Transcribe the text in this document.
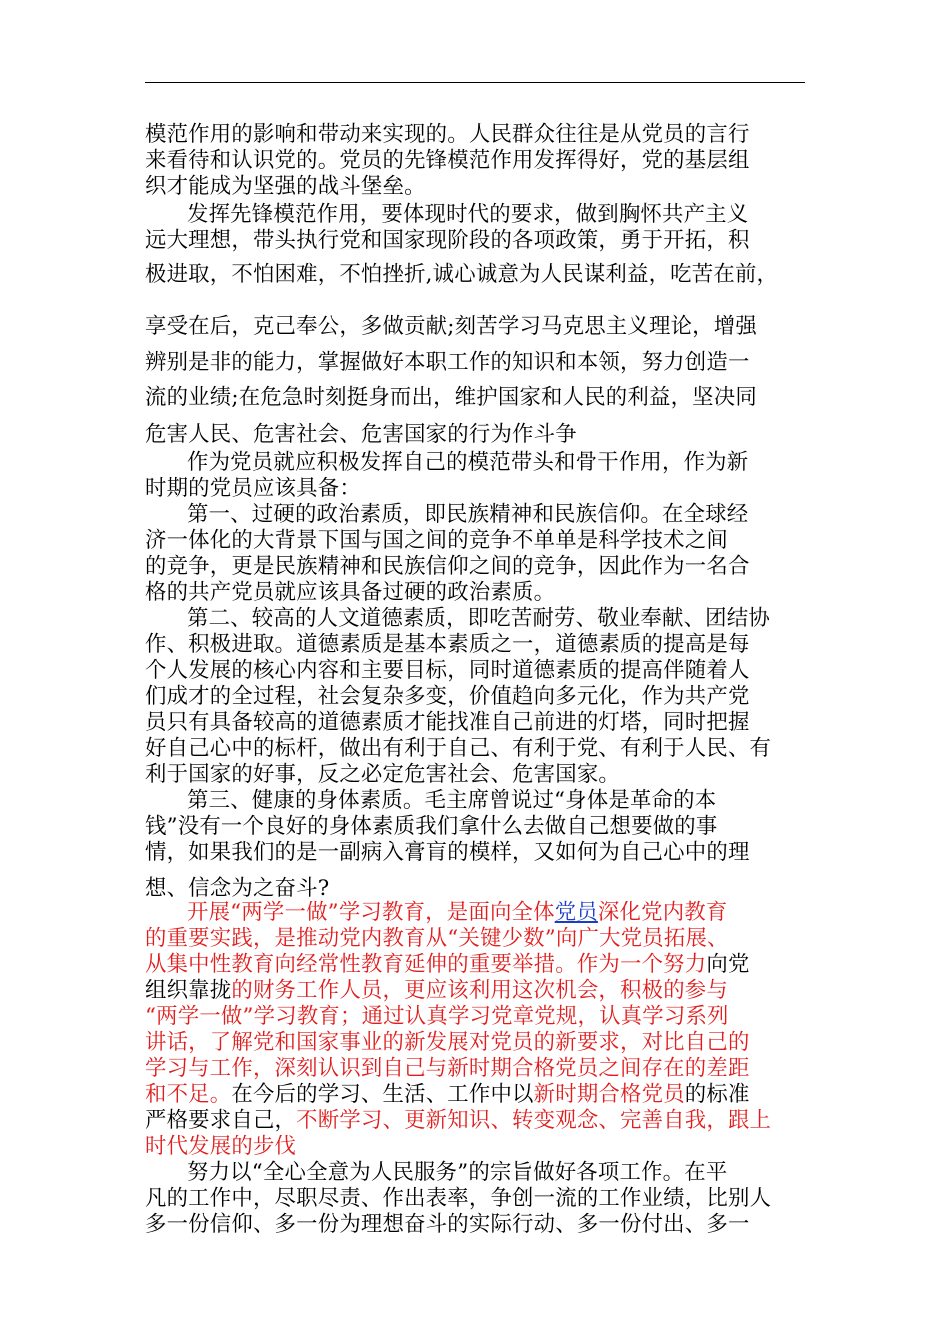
模范作用的影响和带动来实现的。人民群众往往是从党员的言行
来看待和认识党的。党员的先锋模范作用发挥得好，党的基层组
织才能成为坚强的战斗堡垒。
发挥先锋模范作用，要体现时代的要求，做到胸怀共产主义
远大理想，带头执行党和国家现阶段的各项政策，勇于开拓，积
极进取，不怕困难，不怕挫折,诚心诚意为人民谋利益，吃苦在前，
享受在后，克己奉公，多做贡献;刻苦学习马克思主义理论，增强
辨别是非的能力，掌握做好本职工作的知识和本领，努力创造一
流的业绩;在危急时刻挺身而出，维护国家和人民的利益，坚决同
危害人民、危害社会、危害国家的行为作斗争
作为党员就应积极发挥自己的模范带头和骨干作用，作为新
时期的党员应该具备：
第一、过硬的政治素质，即民族精神和民族信仰。在全球经
济一体化的大背景下国与国之间的竞争不单单是科学技术之间
的竞争，更是民族精神和民族信仰之间的竞争，因此作为一名合
格的共产党员就应该具备过硬的政治素质。
第二、较高的人文道德素质，即吃苦耐劳、敬业奉献、团结协
作、积极进取。道德素质是基本素质之一，道德素质的提高是每
个人发展的核心内容和主要目标，同时道德素质的提高伴随着人
们成才的全过程，社会复杂多变，价值趋向多元化，作为共产党
员只有具备较高的道德素质才能找准自己前进的灯塔，同时把握
好自己心中的标杆，做出有利于自己、有利于党、有利于人民、有
利于国家的好事，反之必定危害社会、危害国家。
第三、健康的身体素质。毛主席曾说过“身体是革命的本
钱”没有一个良好的身体素质我们拿什么去做自己想要做的事
情，如果我们的是一副病入膏肓的模样，又如何为自己心中的理
想、信念为之奋斗?
开展“两学一做”学习教育，是面向全体党员深化党内教育
的重要实践，是推动党内教育从“关键少数”向广大党员拓展、
从集中性教育向经常性教育延伸的重要举措。作为一个努力向党
组织靠拢的财务工作人员，更应该利用这次机会，积极的参与
“两学一做”学习教育；通过认真学习党章党规，认真学习系列
讲话，了解党和国家事业的新发展对党员的新要求，对比自己的
学习与工作，深刻认识到自己与新时期合格党员之间存在的差距
和不足。在今后的学习、生活、工作中以新时期合格党员的标准
严格要求自己，不断学习、更新知识、转变观念、完善自我，跟上
时代发展的步伐
努力以“全心全意为人民服务”的宗旨做好各项工作。在平
凡的工作中，尽职尽责、作出表率，争创一流的工作业绩，比别人
多一份信仰、多一份为理想奋斗的实际行动、多一份付出、多一
